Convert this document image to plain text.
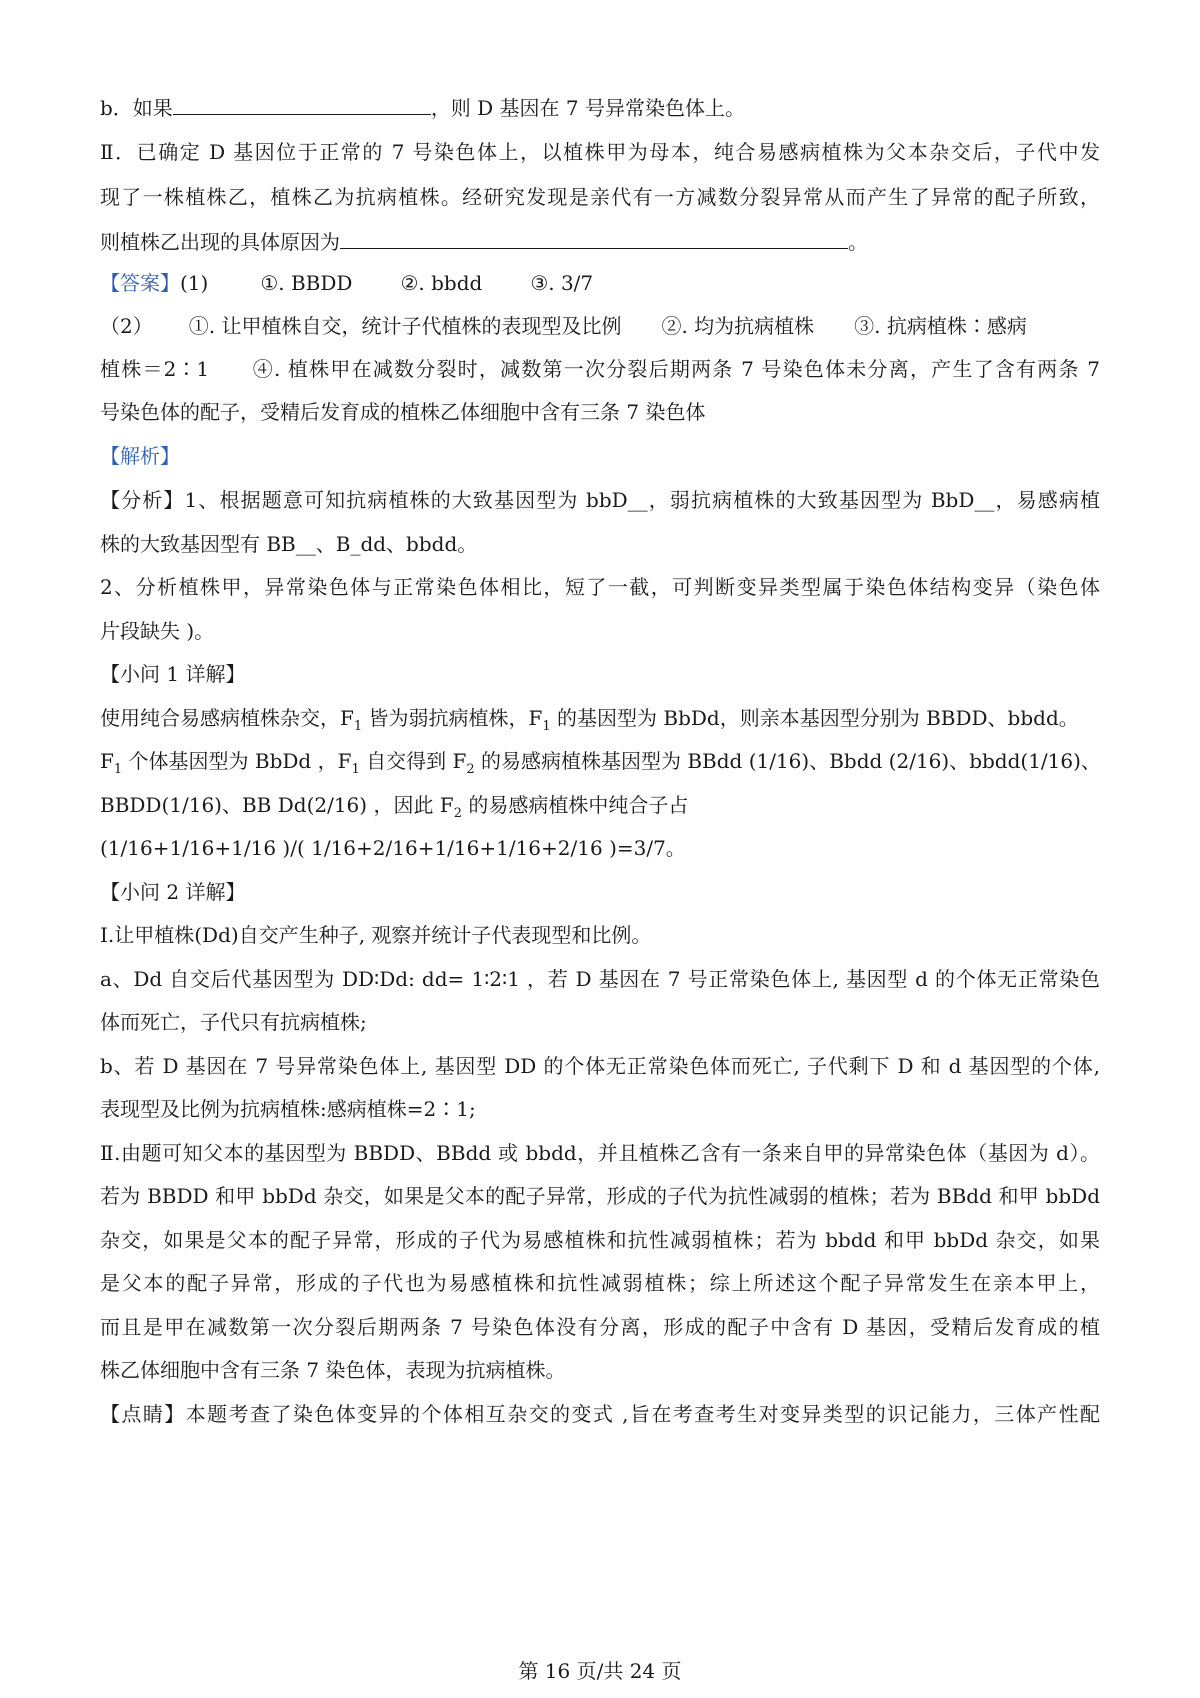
b．如果	，则 D 基因在 7 号异常染色体上。
Ⅱ．已确定 D 基因位于正常的 7 号染色体上，以植株甲为母本，纯合易感病植株为父本杂交后，子代中发
现了一株植株乙，植株乙为抗病植株。经研究发现是亲代有一方减数分裂异常从而产生了异常的配子所致，
则植株乙出现的具体原因为	。
【答案】(1)	①. BBDD ②. bbdd ③. 3/7
（2） ①. 让甲植株自交，统计子代植株的表现型及比例 ②. 均为抗病植株 ③. 抗病植株∶感病
植株＝2∶1　　④. 植株甲在减数分裂时，减数第一次分裂后期两条 7 号染色体未分离，产生了含有两条 7
号染色体的配子，受精后发育成的植株乙体细胞中含有三条 7 染色体
【解析】
【分析】1、根据题意可知抗病植株的大致基因型为 bbD__，弱抗病植株的大致基因型为 BbD__，易感病植
株的大致基因型有 BB__、B_dd、bbdd。
2、分析植株甲，异常染色体与正常染色体相比，短了一截，可判断变异类型属于染色体结构变异（染色体
片段缺失 )。
【小问 1 详解】
使用纯合易感病植株杂交，$F_1$ 皆为弱抗病植株，$F_1$ 的基因型为 BbDd，则亲本基因型分别为 BBDD、bbdd。
$F_1$ 个体基因型为 BbDd ，$F_1$ 自交得到 $F_2$ 的易感病植株基因型为 BBdd (1/16)、Bbdd (2/16)、bbdd(1/16)、
BBDD(1/16)、BB Dd(2/16) ，因此 $F_2$ 的易感病植株中纯合子占
(1/16+1/16+1/16 )/( 1/16+2/16+1/16+1/16+2/16 )=3/7。
【小问 2 详解】
Ⅰ.让甲植株(Dd)自交产生种子, 观察并统计子代表现型和比例。
a、Dd 自交后代基因型为 DD∶Dd: dd= 1∶2∶1 ，若 D 基因在 7 号正常染色体上, 基因型 d 的个体无正常染色
体而死亡，子代只有抗病植株;
b、若 D 基因在 7 号异常染色体上, 基因型 DD 的个体无正常染色体而死亡, 子代剩下 D 和 d 基因型的个体,
表现型及比例为抗病植株:感病植株=2∶1;
Ⅱ.由题可知父本的基因型为 BBDD、BBdd 或 bbdd，并且植株乙含有一条来自甲的异常染色体（基因为 d）。
若为 BBDD 和甲 bbDd 杂交，如果是父本的配子异常，形成的子代为抗性减弱的植株；若为 BBdd 和甲 bbDd
杂交，如果是父本的配子异常，形成的子代为易感植株和抗性减弱植株；若为 bbdd 和甲 bbDd 杂交，如果
是父本的配子异常，形成的子代也为易感植株和抗性减弱植株；综上所述这个配子异常发生在亲本甲上，
而且是甲在减数第一次分裂后期两条 7 号染色体没有分离，形成的配子中含有 D 基因，受精后发育成的植
株乙体细胞中含有三条 7 染色体，表现为抗病植株。
【点睛】本题考查了染色体变异的个体相互杂交的变式 ,旨在考查考生对变异类型的识记能力，三体产性配
第 16 页/共 24 页
